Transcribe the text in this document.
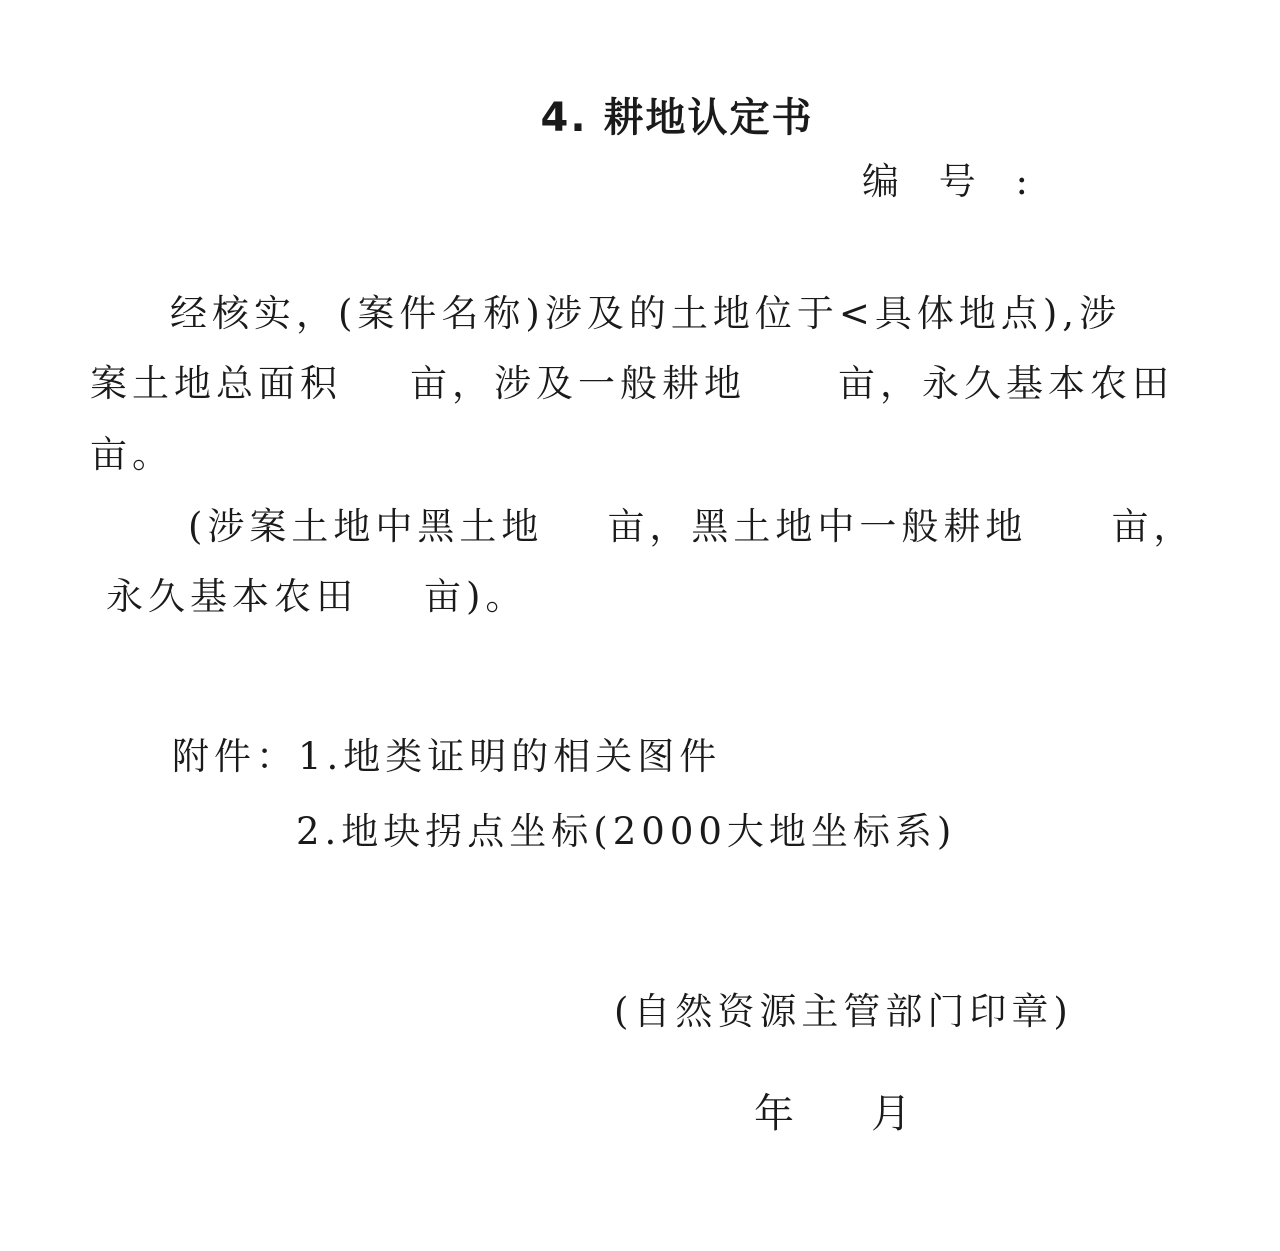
4. 耕地认定书
编 号 :
经核实，(案件名称)涉及的土地位于<具体地点),涉
案土地总面积 亩，涉及一般耕地 亩，永久基本农田
亩。
(涉案土地中黑土地 亩，黑土地中一般耕地 亩，
永久基本农田 亩)。
附件：1.地类证明的相关图件
2.地块拐点坐标(2000大地坐标系)
(自然资源主管部门印章)
年 月
